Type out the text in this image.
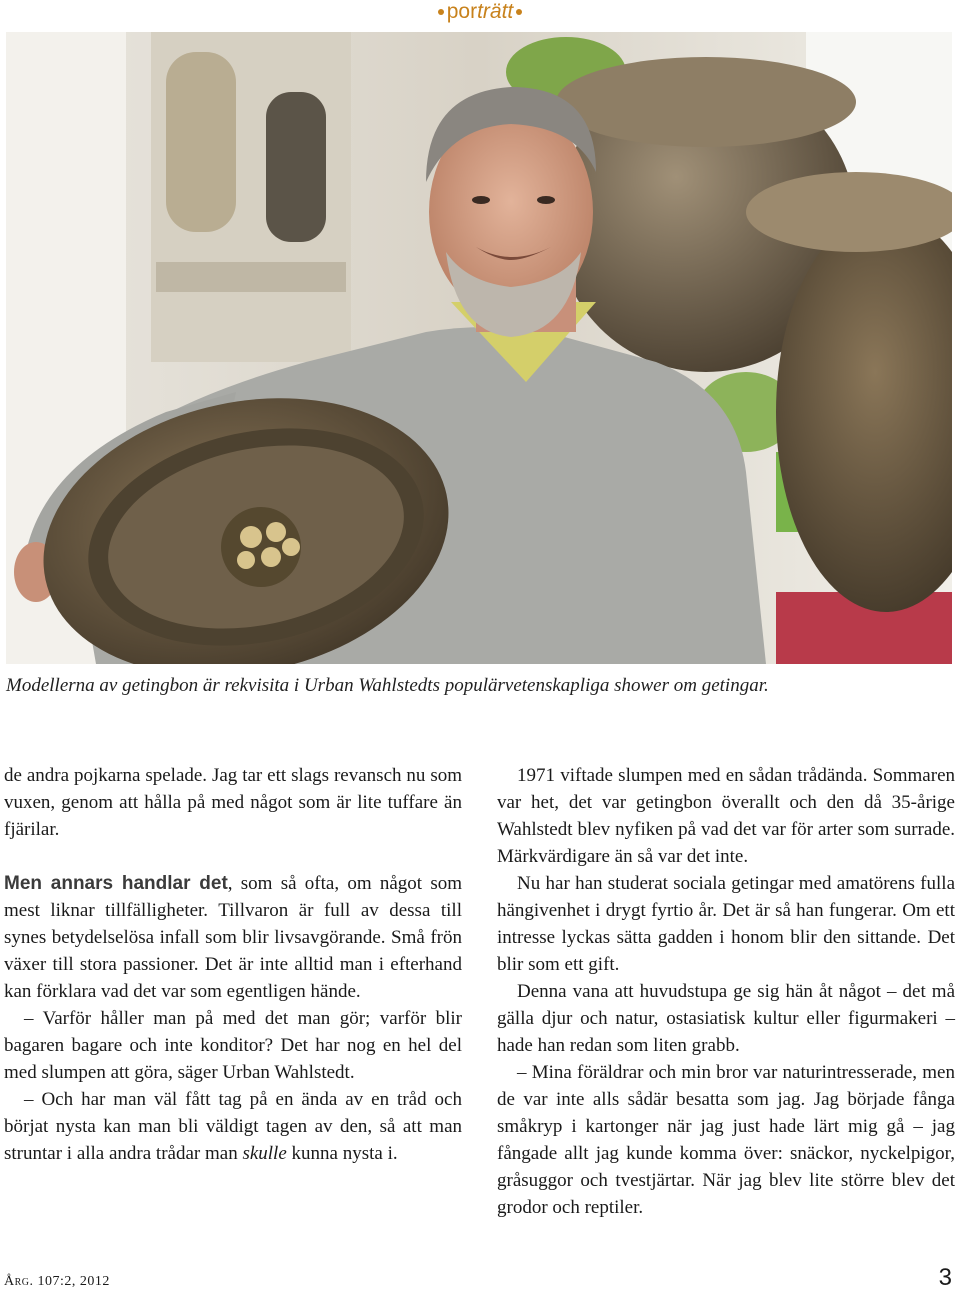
porträtt
Modellerna av getingbon är rekvisita i Urban Wahlstedts populärvetenskapliga shower om getingar.

de andra pojkarna spelade. Jag tar ett slags revansch nu som vuxen, genom att hålla på med något som är lite tuffare än fjärilar.

Men annars handlar det, som så ofta, om något som mest liknar tillfälligheter. Tillvaron är full av dessa till synes betydelselösa infall som blir livsavgörande. Små frön växer till stora passioner. Det är inte alltid man i efterhand kan förklara vad det var som egentligen hände.

– Varför håller man på med det man gör; varför blir bagaren bagare och inte konditor? Det har nog en hel del med slumpen att göra, säger Urban Wahlstedt.

– Och har man väl fått tag på en ända av en tråd och börjat nysta kan man bli väldigt tagen av den, så att man struntar i alla andra trådar man skulle kunna nysta i.

1971 viftade slumpen med en sådan trådända. Sommaren var het, det var getingbon överallt och den då 35-årige Wahlstedt blev nyfiken på vad det var för arter som surrade. Märkvärdigare än så var det inte.

Nu har han studerat sociala getingar med amatörens fulla hängivenhet i drygt fyrtio år. Det är så han fungerar. Om ett intresse lyckas sätta gadden i honom blir den sittande. Det blir som ett gift.

Denna vana att huvudstupa ge sig hän åt något – det må gälla djur och natur, ostasiatisk kultur eller figurmakeri – hade han redan som liten grabb.

– Mina föräldrar och min bror var naturintresserade, men de var inte alls sådär besatta som jag. Jag började fånga småkryp i kartonger när jag just hade lärt mig gå – jag fångade allt jag kunde komma över: snäckor, nyckelpigor, gråsuggor och tvestjärtar. När jag blev lite större blev det grodor och reptiler.

Årg. 107:2, 2012	3
